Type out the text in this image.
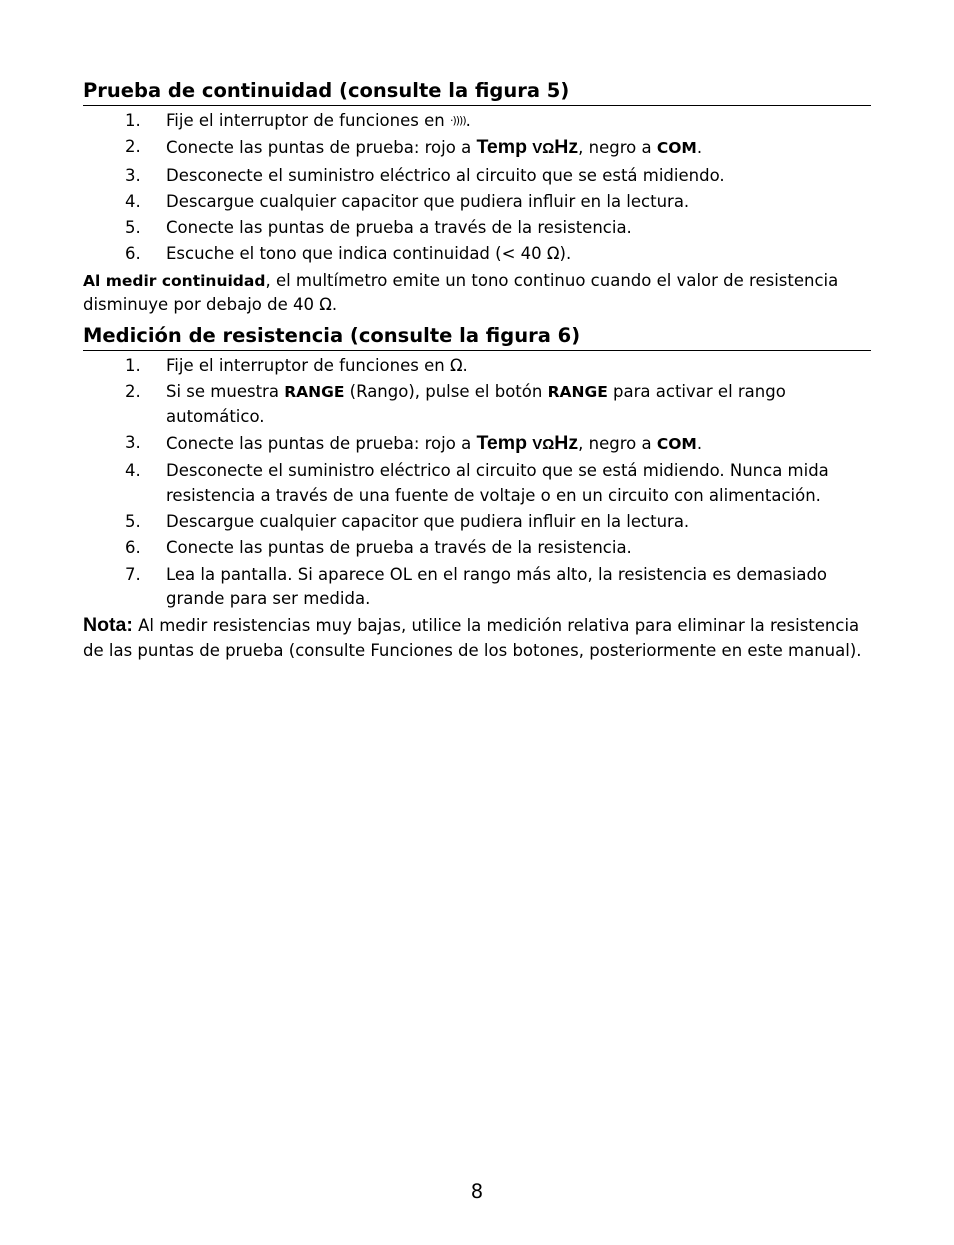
Prueba de continuidad (consulte la figura 5)
1. Fije el interruptor de funciones en ·)))).
2. Conecte las puntas de prueba: rojo a Temp VΩHz, negro a COM.
3. Desconecte el suministro eléctrico al circuito que se está midiendo.
4. Descargue cualquier capacitor que pudiera influir en la lectura.
5. Conecte las puntas de prueba a través de la resistencia.
6. Escuche el tono que indica continuidad (< 40 Ω).

Al medir continuidad, el multímetro emite un tono continuo cuando el valor de resistencia disminuye por debajo de 40 Ω.

Medición de resistencia (consulte la figura 6)
1. Fije el interruptor de funciones en Ω.
2. Si se muestra RANGE (Rango), pulse el botón RANGE para activar el rango automático.
3. Conecte las puntas de prueba: rojo a Temp VΩHz, negro a COM.
4. Desconecte el suministro eléctrico al circuito que se está midiendo. Nunca mida resistencia a través de una fuente de voltaje o en un circuito con alimentación.
5. Descargue cualquier capacitor que pudiera influir en la lectura.
6. Conecte las puntas de prueba a través de la resistencia.
7. Lea la pantalla. Si aparece OL en el rango más alto, la resistencia es demasiado grande para ser medida.

Nota: Al medir resistencias muy bajas, utilice la medición relativa para eliminar la resistencia de las puntas de prueba (consulte Funciones de los botones, posteriormente en este manual).

8
